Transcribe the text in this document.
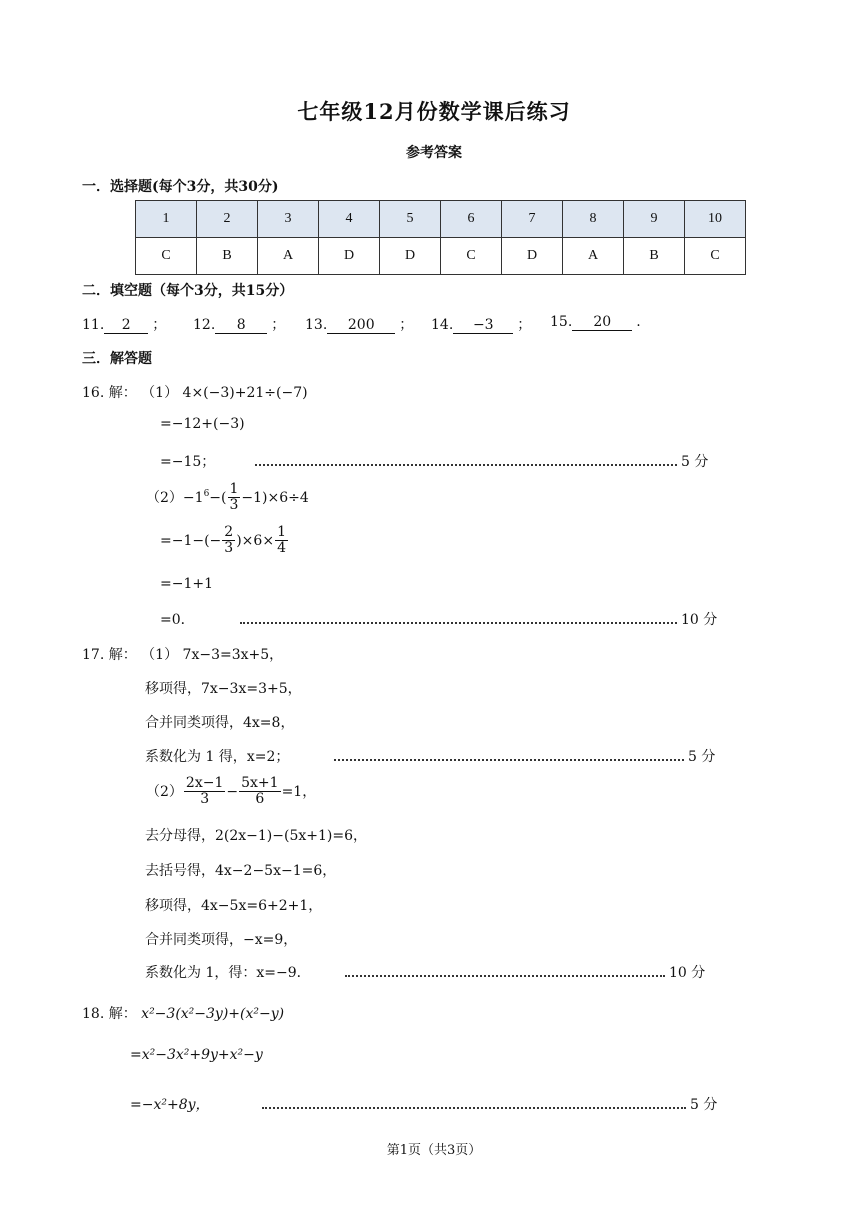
七年级12月份数学课后练习
参考答案
一．选择题(每个3分，共30分)
1	2	3	4	5	6	7	8	9	10
C	B	A	D	D	C	D	A	B	C
二．填空题（每个3分，共15分）
11. 2 ； 12. 8 ； 13. 200 ； 14. −3 ； 15. 20 .
三．解答题
16. 解： （1） 4×(−3)+21÷(−7)
=−12+(−3)
=−15；	5 分
$(2)-1^6-( \frac{1}{3} -1)\times 6\div 4$
$=-1-(- \frac{2}{3} )\times 6\times \frac{1}{4}$
=−1+1
=0．	10 分
17. 解： （1） 7x−3=3x+5，
移项得，7x−3x=3+5，
合并同类项得，4x=8，
系数化为 1 得，x=2；	5 分
$(2) \frac{2x-1}{3} - \frac{5x+1}{6} =1$，
去分母得，2(2x−1)−(5x+1)=6，
去括号得，4x−2−5x−1=6，
移项得，4x−5x=6+2+1，
合并同类项得，−x=9，
系数化为 1，得：x=−9．	10 分
18. 解： x²−3(x²−3y)+(x²−y)
=x²−3x²+9y+x²−y
=−x²+8y，	5 分
第1页（共3页）
